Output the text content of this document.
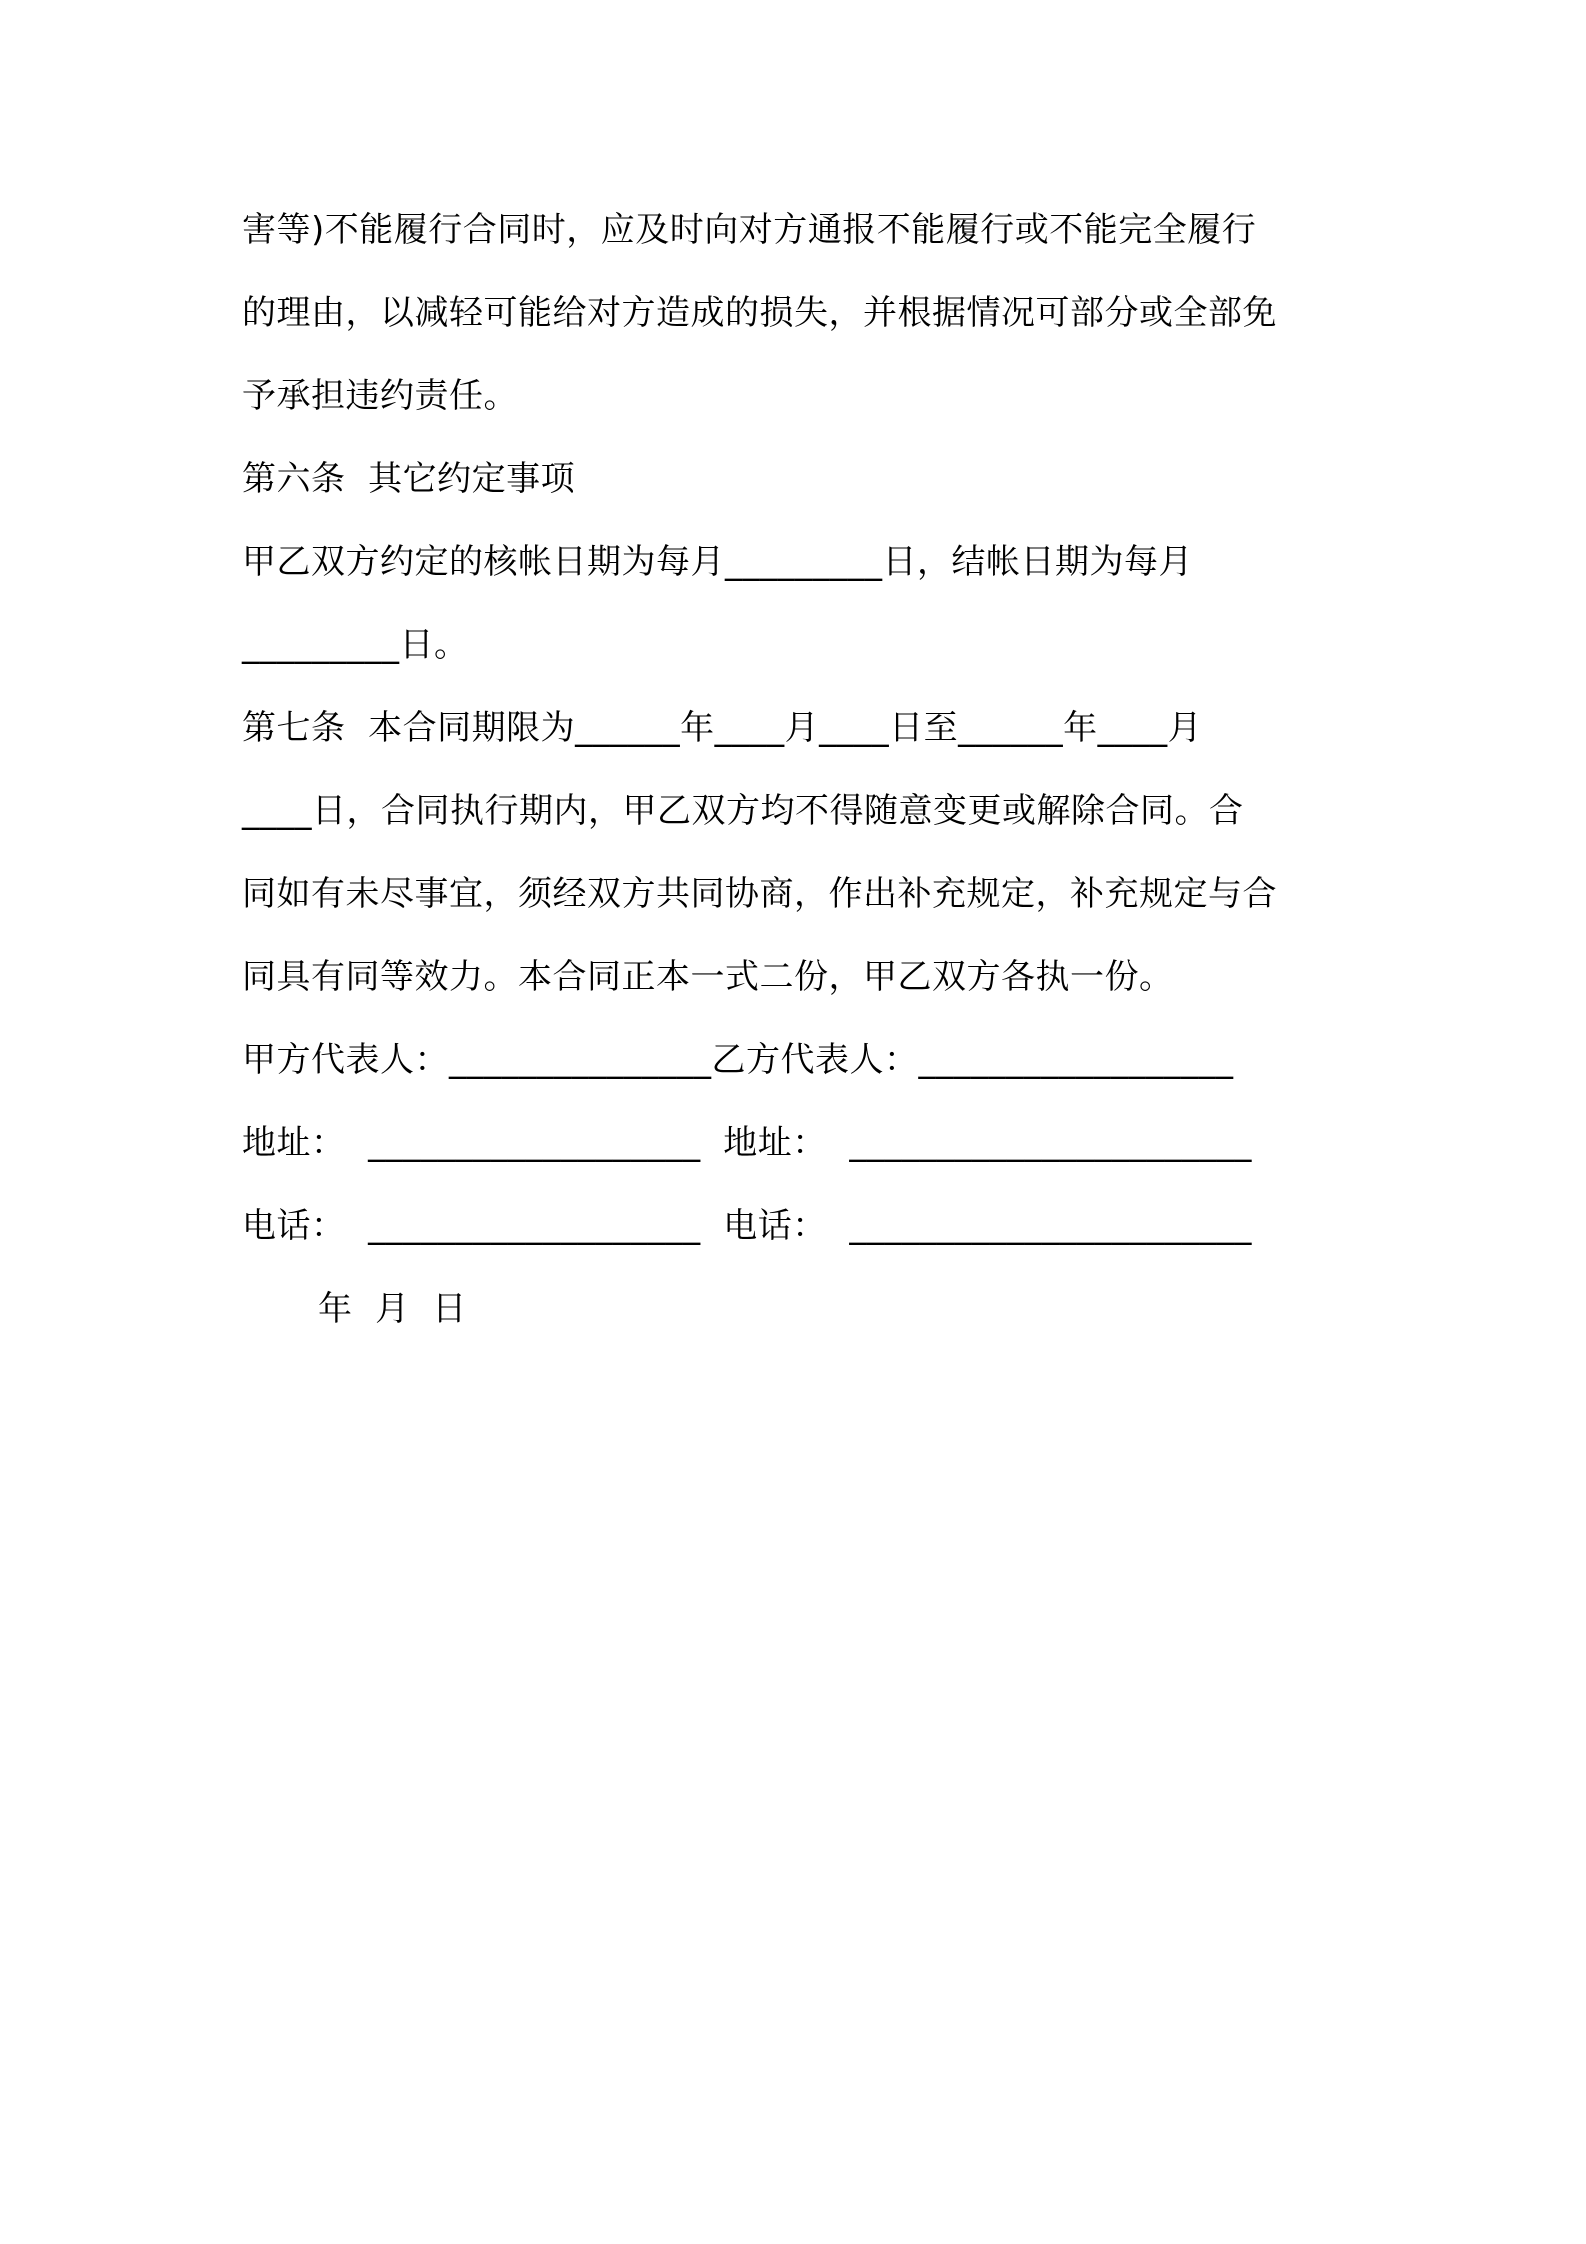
害等)不能履行合同时，应及时向对方通报不能履行或不能完全履行
的理由，以减轻可能给对方造成的损失，并根据情况可部分或全部免
予承担违约责任。
第六条  其它约定事项
甲乙双方约定的核帐日期为每月_________日，结帐日期为每月
_________日。
第七条  本合同期限为______年____月____日至______年____月
____日，合同执行期内，甲乙双方均不得随意变更或解除合同。合
同如有未尽事宜，须经双方共同协商，作出补充规定，补充规定与合
同具有同等效力。本合同正本一式二份，甲乙双方各执一份。
甲方代表人：_______________乙方代表人：__________________
地址：  ___________________  地址：  _______________________
电话：  ___________________  电话：  _______________________
年  月  日
